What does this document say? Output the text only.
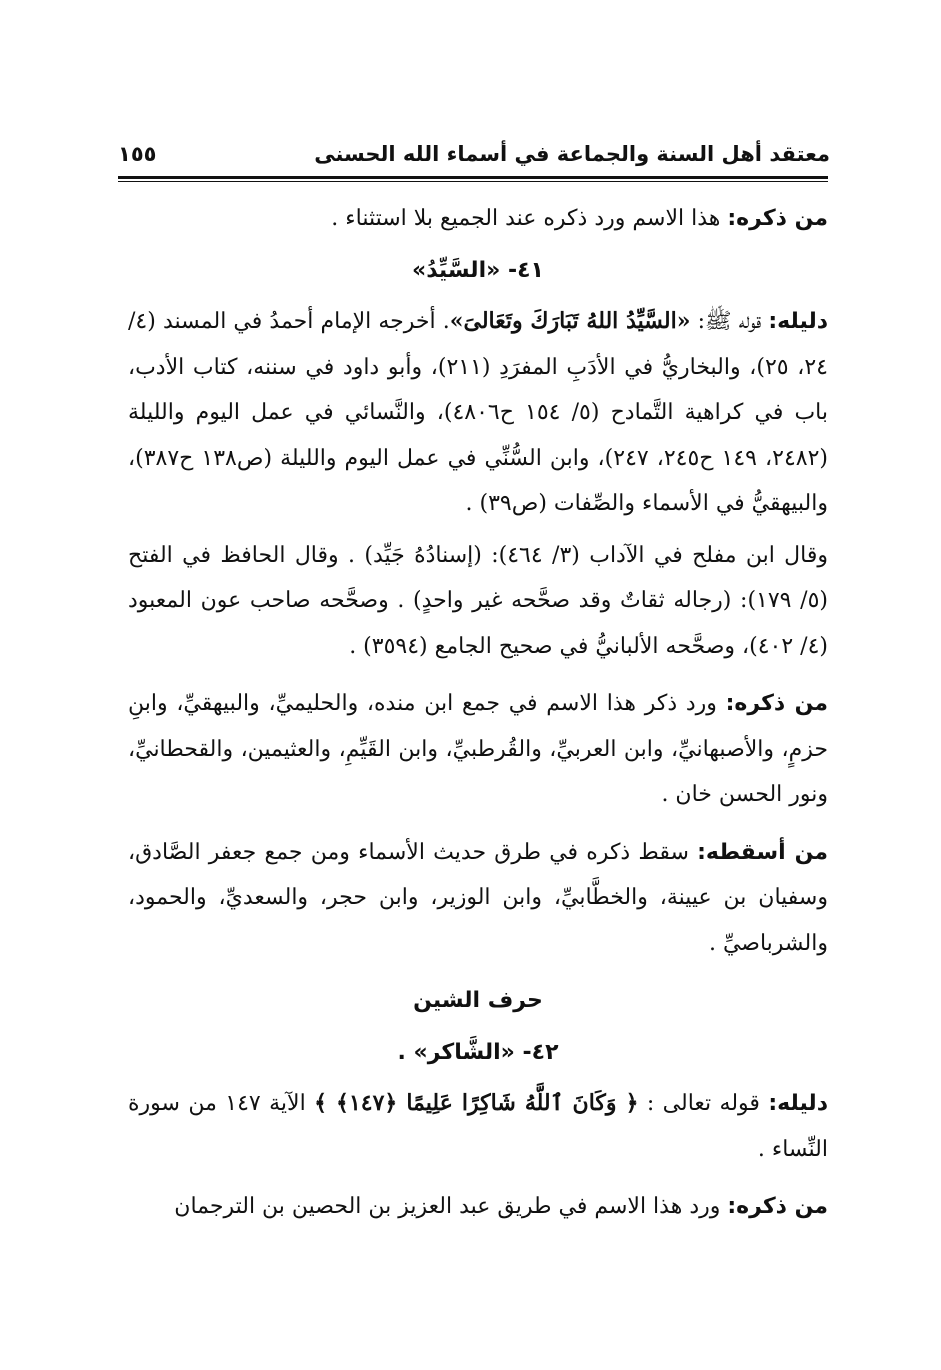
معتقد أهل السنة والجماعة في أسماء الله الحسنى
١٥٥

من ذكره: هذا الاسم ورد ذكره عند الجميع بلا استثناء .

٤١- «السَّيِّدُ»

دليله: قوله ﷺ: «السَّيِّدُ اللهُ تَبَارَكَ وتَعَالىَ». أخرجه الإمام أحمدُ في المسند (٤/ ٢٤، ٢٥)، والبخاريُّ في الأدَبِ المفرَدِ (٢١١)، وأبو داود في سننه، كتاب الأدب، باب في كراهية التَّمادح (٥/ ١٥٤ ح٤٨٠٦)، والنَّسائي في عمل اليوم والليلة (٢٤٨٢، ١٤٩ ح٢٤٥، ٢٤٧)، وابن السُّنِّي في عمل اليوم والليلة (ص١٣٨ ح٣٨٧)، والبيهقيُّ في الأسماء والصِّفات (ص٣٩) .

وقال ابن مفلح في الآداب (٣/ ٤٦٤): (إسنادُهُ جَيِّد) . وقال الحافظ في الفتح (٥/ ١٧٩): (رجاله ثقاتٌ وقد صحَّحه غير واحدٍ) . وصحَّحه صاحب عون المعبود (٤/ ٤٠٢)، وصحَّحه الألبانيُّ في صحيح الجامع (٣٥٩٤) .

من ذكره: ورد ذكر هذا الاسم في جمع ابن منده، والحليميِّ، والبيهقيِّ، وابنِ حزمٍ، والأصبهانيِّ، وابن العربيِّ، والقُرطبيِّ، وابن القَيِّمِ، والعثيمين، والقحطانيِّ، ونور الحسن خان .

من أسقطه: سقط ذكره في طرق حديث الأسماء ومن جمع جعفر الصَّادق، وسفيان بن عيينة، والخطَّابيِّ، وابن الوزير، وابن حجر، والسعديِّ، والحمود، والشرباصيِّ .

حرف الشين

٤٢- «الشَّاكر» .

دليله: قوله تعالى : ﴿ وَكَانَ ٱللَّهُ شَاكِرًا عَلِيمًا ﴿١٤٧﴾ ﴾ الآية ١٤٧ من سورة النِّساء .

من ذكره: ورد هذا الاسم في طريق عبد العزيز بن الحصين بن الترجمان
